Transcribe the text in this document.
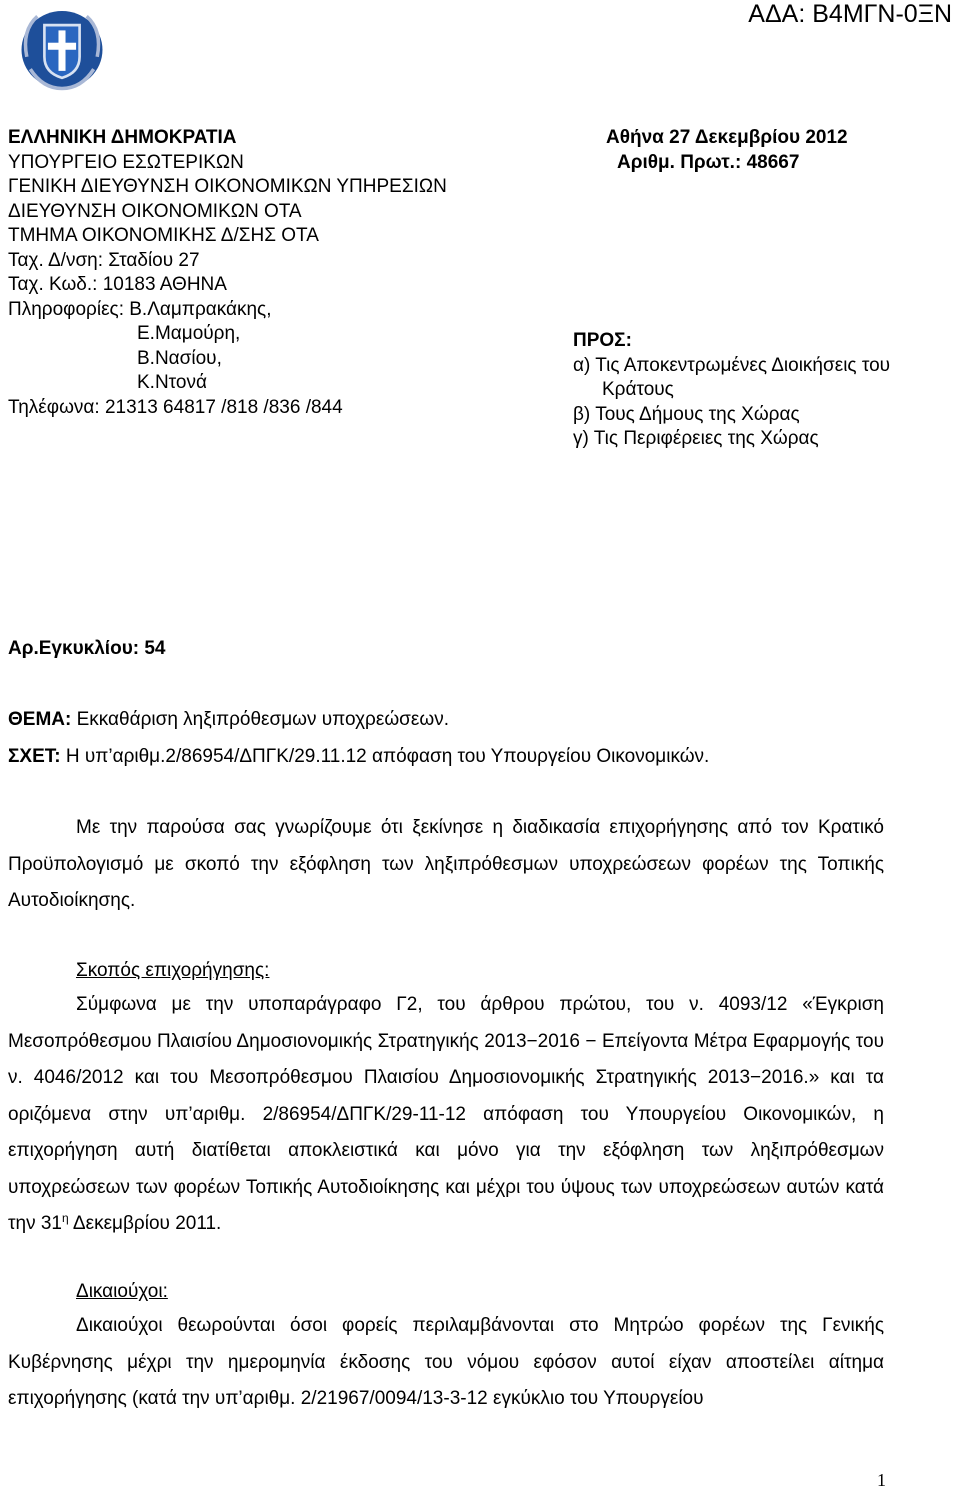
ΑΔΑ: Β4ΜΓΝ-0ΞΝ
ΕΛΛΗΝΙΚΗ ΔΗΜΟΚΡΑΤΙΑ
ΥΠΟΥΡΓΕΙΟ ΕΣΩΤΕΡΙΚΩΝ
ΓΕΝΙΚΗ ΔΙΕΥΘΥΝΣΗ ΟΙΚΟΝΟΜΙΚΩΝ ΥΠΗΡΕΣΙΩΝ
ΔΙΕΥΘΥΝΣΗ ΟΙΚΟΝΟΜΙΚΩΝ ΟΤΑ
ΤΜΗΜΑ ΟΙΚΟΝΟΜΙΚΗΣ Δ/ΣΗΣ ΟΤΑ
Ταχ. Δ/νση: Σταδίου 27
Ταχ. Κωδ.: 10183 ΑΘΗΝΑ
Πληροφορίες: Β.Λαμπρακάκης,
Ε.Μαμούρη,
Β.Νασίου,
Κ.Ντονά
Τηλέφωνα: 21313 64817 /818 /836 /844
Αθήνα 27 Δεκεμβρίου 2012
Αριθμ. Πρωτ.: 48667
ΠΡΟΣ:
α) Τις Αποκεντρωμένες Διοικήσεις του
Κράτους
β) Τους Δήμους της Χώρας
γ) Τις Περιφέρειες της Χώρας
Αρ.Εγκυκλίου: 54
ΘΕΜΑ: Εκκαθάριση ληξιπρόθεσμων υποχρεώσεων.
ΣΧΕΤ: Η υπ’αριθμ.2/86954/ΔΠΓΚ/29.11.12 απόφαση του Υπουργείου Οικονομικών.
Με την παρούσα σας γνωρίζουμε ότι ξεκίνησε η διαδικασία επιχορήγησης από τον Κρατικό Προϋπολογισμό με σκοπό την εξόφληση των ληξιπρόθεσμων υποχρεώσεων φορέων της Τοπικής Αυτοδιοίκησης.
Σκοπός επιχορήγησης:
Σύμφωνα με την υποπαράγραφο Γ2, του άρθρου πρώτου, του ν. 4093/12 «Έγκριση Μεσοπρόθεσμου Πλαισίου Δημοσιονομικής Στρατηγικής 2013−2016 − Επείγοντα Μέτρα Εφαρμογής του ν. 4046/2012 και του Μεσοπρόθεσμου Πλαισίου Δημοσιονομικής Στρατηγικής 2013−2016.» και τα οριζόμενα στην υπ’αριθμ. 2/86954/ΔΠΓΚ/29-11-12 απόφαση του Υπουργείου Οικονομικών, η επιχορήγηση αυτή διατίθεται αποκλειστικά και μόνο για την εξόφληση των ληξιπρόθεσμων υποχρεώσεων των φορέων Τοπικής Αυτοδιοίκησης και μέχρι του ύψους των υποχρεώσεων αυτών κατά την $31^\eta$ Δεκεμβρίου 2011.
Δικαιούχοι:
Δικαιούχοι θεωρούνται όσοι φορείς περιλαμβάνονται στο Μητρώο φορέων της Γενικής Κυβέρνησης μέχρι την ημερομηνία έκδοσης του νόμου εφόσον αυτοί είχαν αποστείλει αίτημα επιχορήγησης (κατά την υπ’αριθμ. 2/21967/0094/13-3-12 εγκύκλιο του Υπουργείου
1
